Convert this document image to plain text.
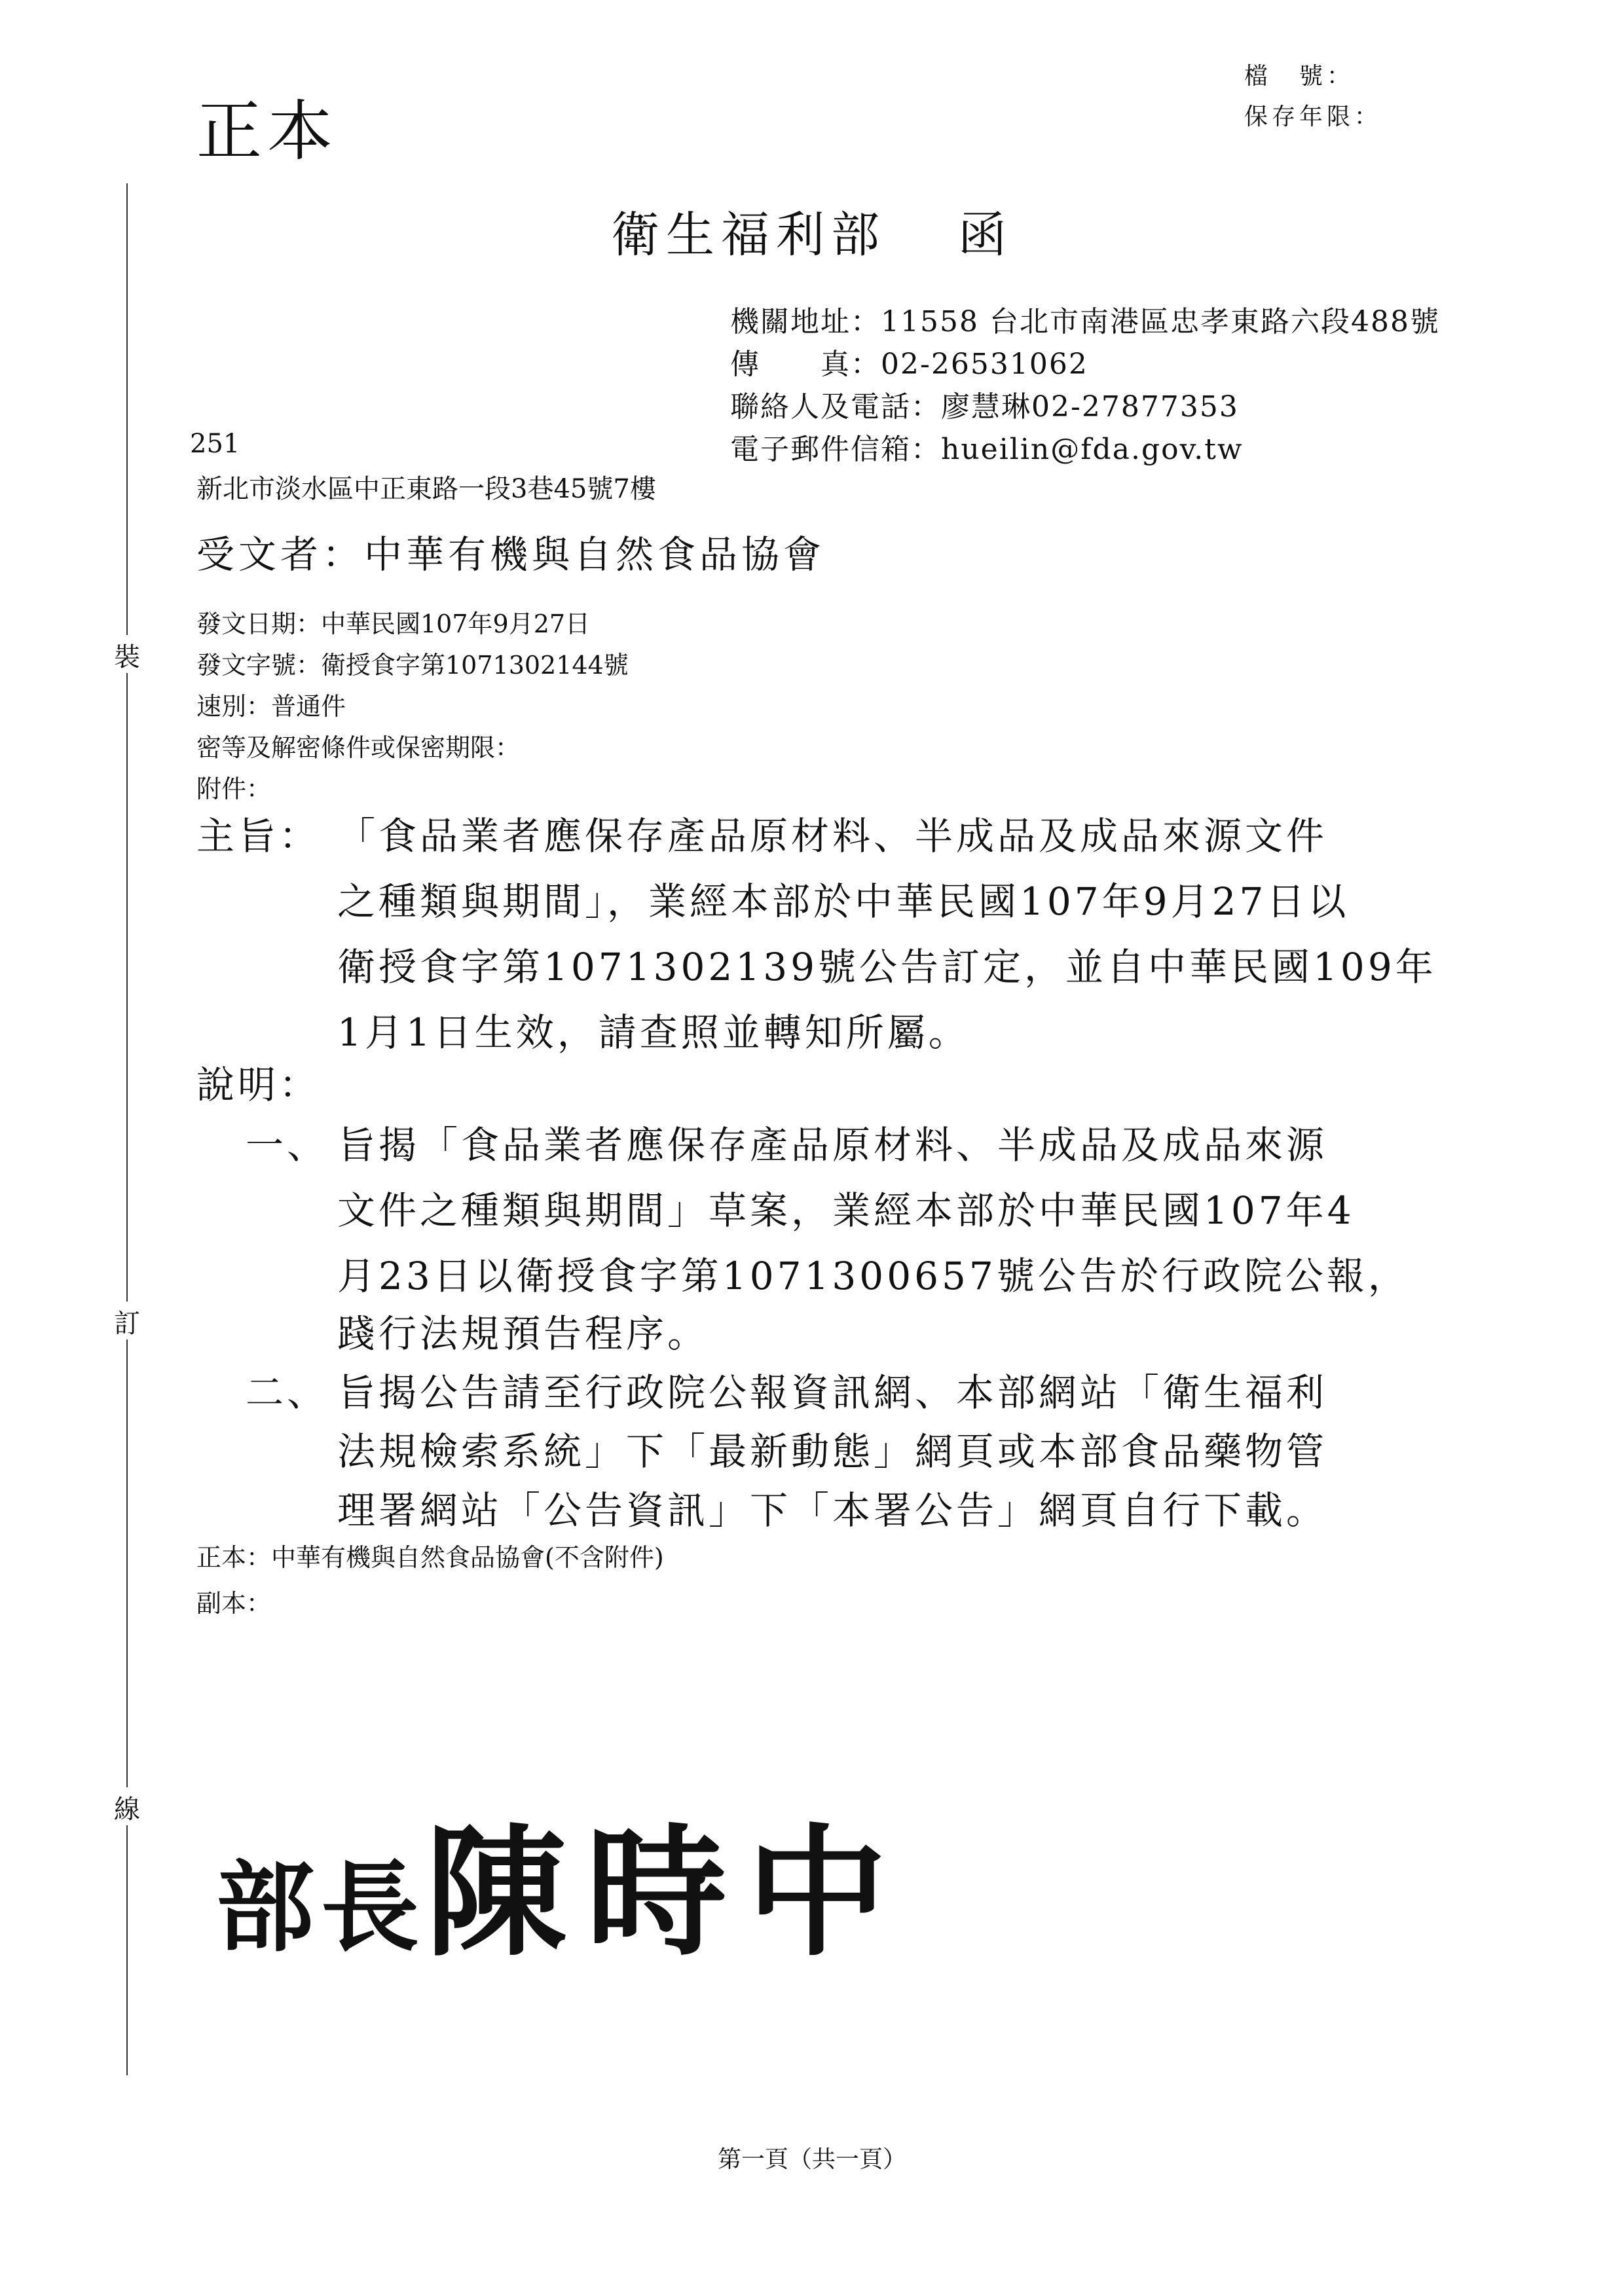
正本
檔　號：
保存年限：
裝
訂
線
衛生福利部 函
機關地址：11558 台北市南港區忠孝東路六段488號
傳　　真：02-26531062
聯絡人及電話：廖慧琳02-27877353
電子郵件信箱：hueilin@fda.gov.tw
251
新北市淡水區中正東路一段3巷45號7樓
受文者：中華有機與自然食品協會
發文日期：中華民國107年9月27日
發文字號：衛授食字第1071302144號
速別：普通件
密等及解密條件或保密期限：
附件：
主旨： 「食品業者應保存產品原材料、半成品及成品來源文件
之種類與期間」，業經本部於中華民國107年9月27日以
衛授食字第1071302139號公告訂定，並自中華民國109年
1月1日生效，請查照並轉知所屬。
說明：
一、 旨揭「食品業者應保存產品原材料、半成品及成品來源
文件之種類與期間」草案，業經本部於中華民國107年4
月23日以衛授食字第1071300657號公告於行政院公報，
踐行法規預告程序。
二、 旨揭公告請至行政院公報資訊網、本部網站「衛生福利
法規檢索系統」下「最新動態」網頁或本部食品藥物管
理署網站「公告資訊」下「本署公告」網頁自行下載。
正本：中華有機與自然食品協會(不含附件)
副本：
部長陳時中
第一頁（共一頁）
